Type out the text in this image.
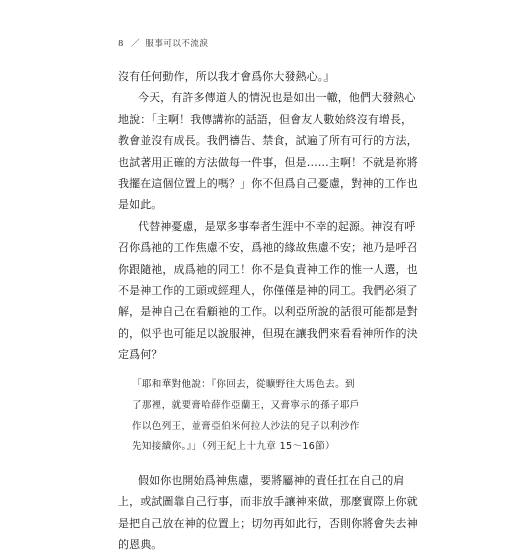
8 ／ 服事可以不流淚
沒有任何動作，所以我才會爲你大發熱心。』
今天，有許多傳道人的情況也是如出一轍，他們大發熱心
地說：「主啊！我傳講祢的話語，但會友人數始終沒有增長，
教會並沒有成長。我們禱告、禁食，試遍了所有可行的方法，
也試著用正確的方法做每一件事，但是……主啊！不就是祢將
我擺在這個位置上的嗎？」你不但爲自己憂慮，對神的工作也
是如此。
代替神憂慮，是眾多事奉者生涯中不幸的起源。神沒有呼
召你爲祂的工作焦慮不安，爲祂的緣故焦慮不安；祂乃是呼召
你跟隨祂，成爲祂的同工！你不是負責神工作的惟一人選，也
不是神工作的工頭或經理人，你僅僅是神的同工。我們必須了
解，是神自己在看顧祂的工作。以利亞所說的話很可能都是對
的，似乎也可能足以說服神，但現在讓我們來看看神所作的決
定爲何？
「耶和華對他說：『你回去，從曠野往大馬色去。到
了那裡，就要膏哈薛作亞蘭王，又膏寧示的孫子耶戶
作以色列王，並膏亞伯米何拉人沙法的兒子以利沙作
先知接續你。』」（列王紀上十九章 15～16節）
假如你也開始爲神焦慮，要將屬神的責任扛在自己的肩
上，或試圖靠自己行事，而非放手讓神來做，那麼實際上你就
是把自己放在神的位置上；切勿再如此行，否則你將會失去神
的恩典。
